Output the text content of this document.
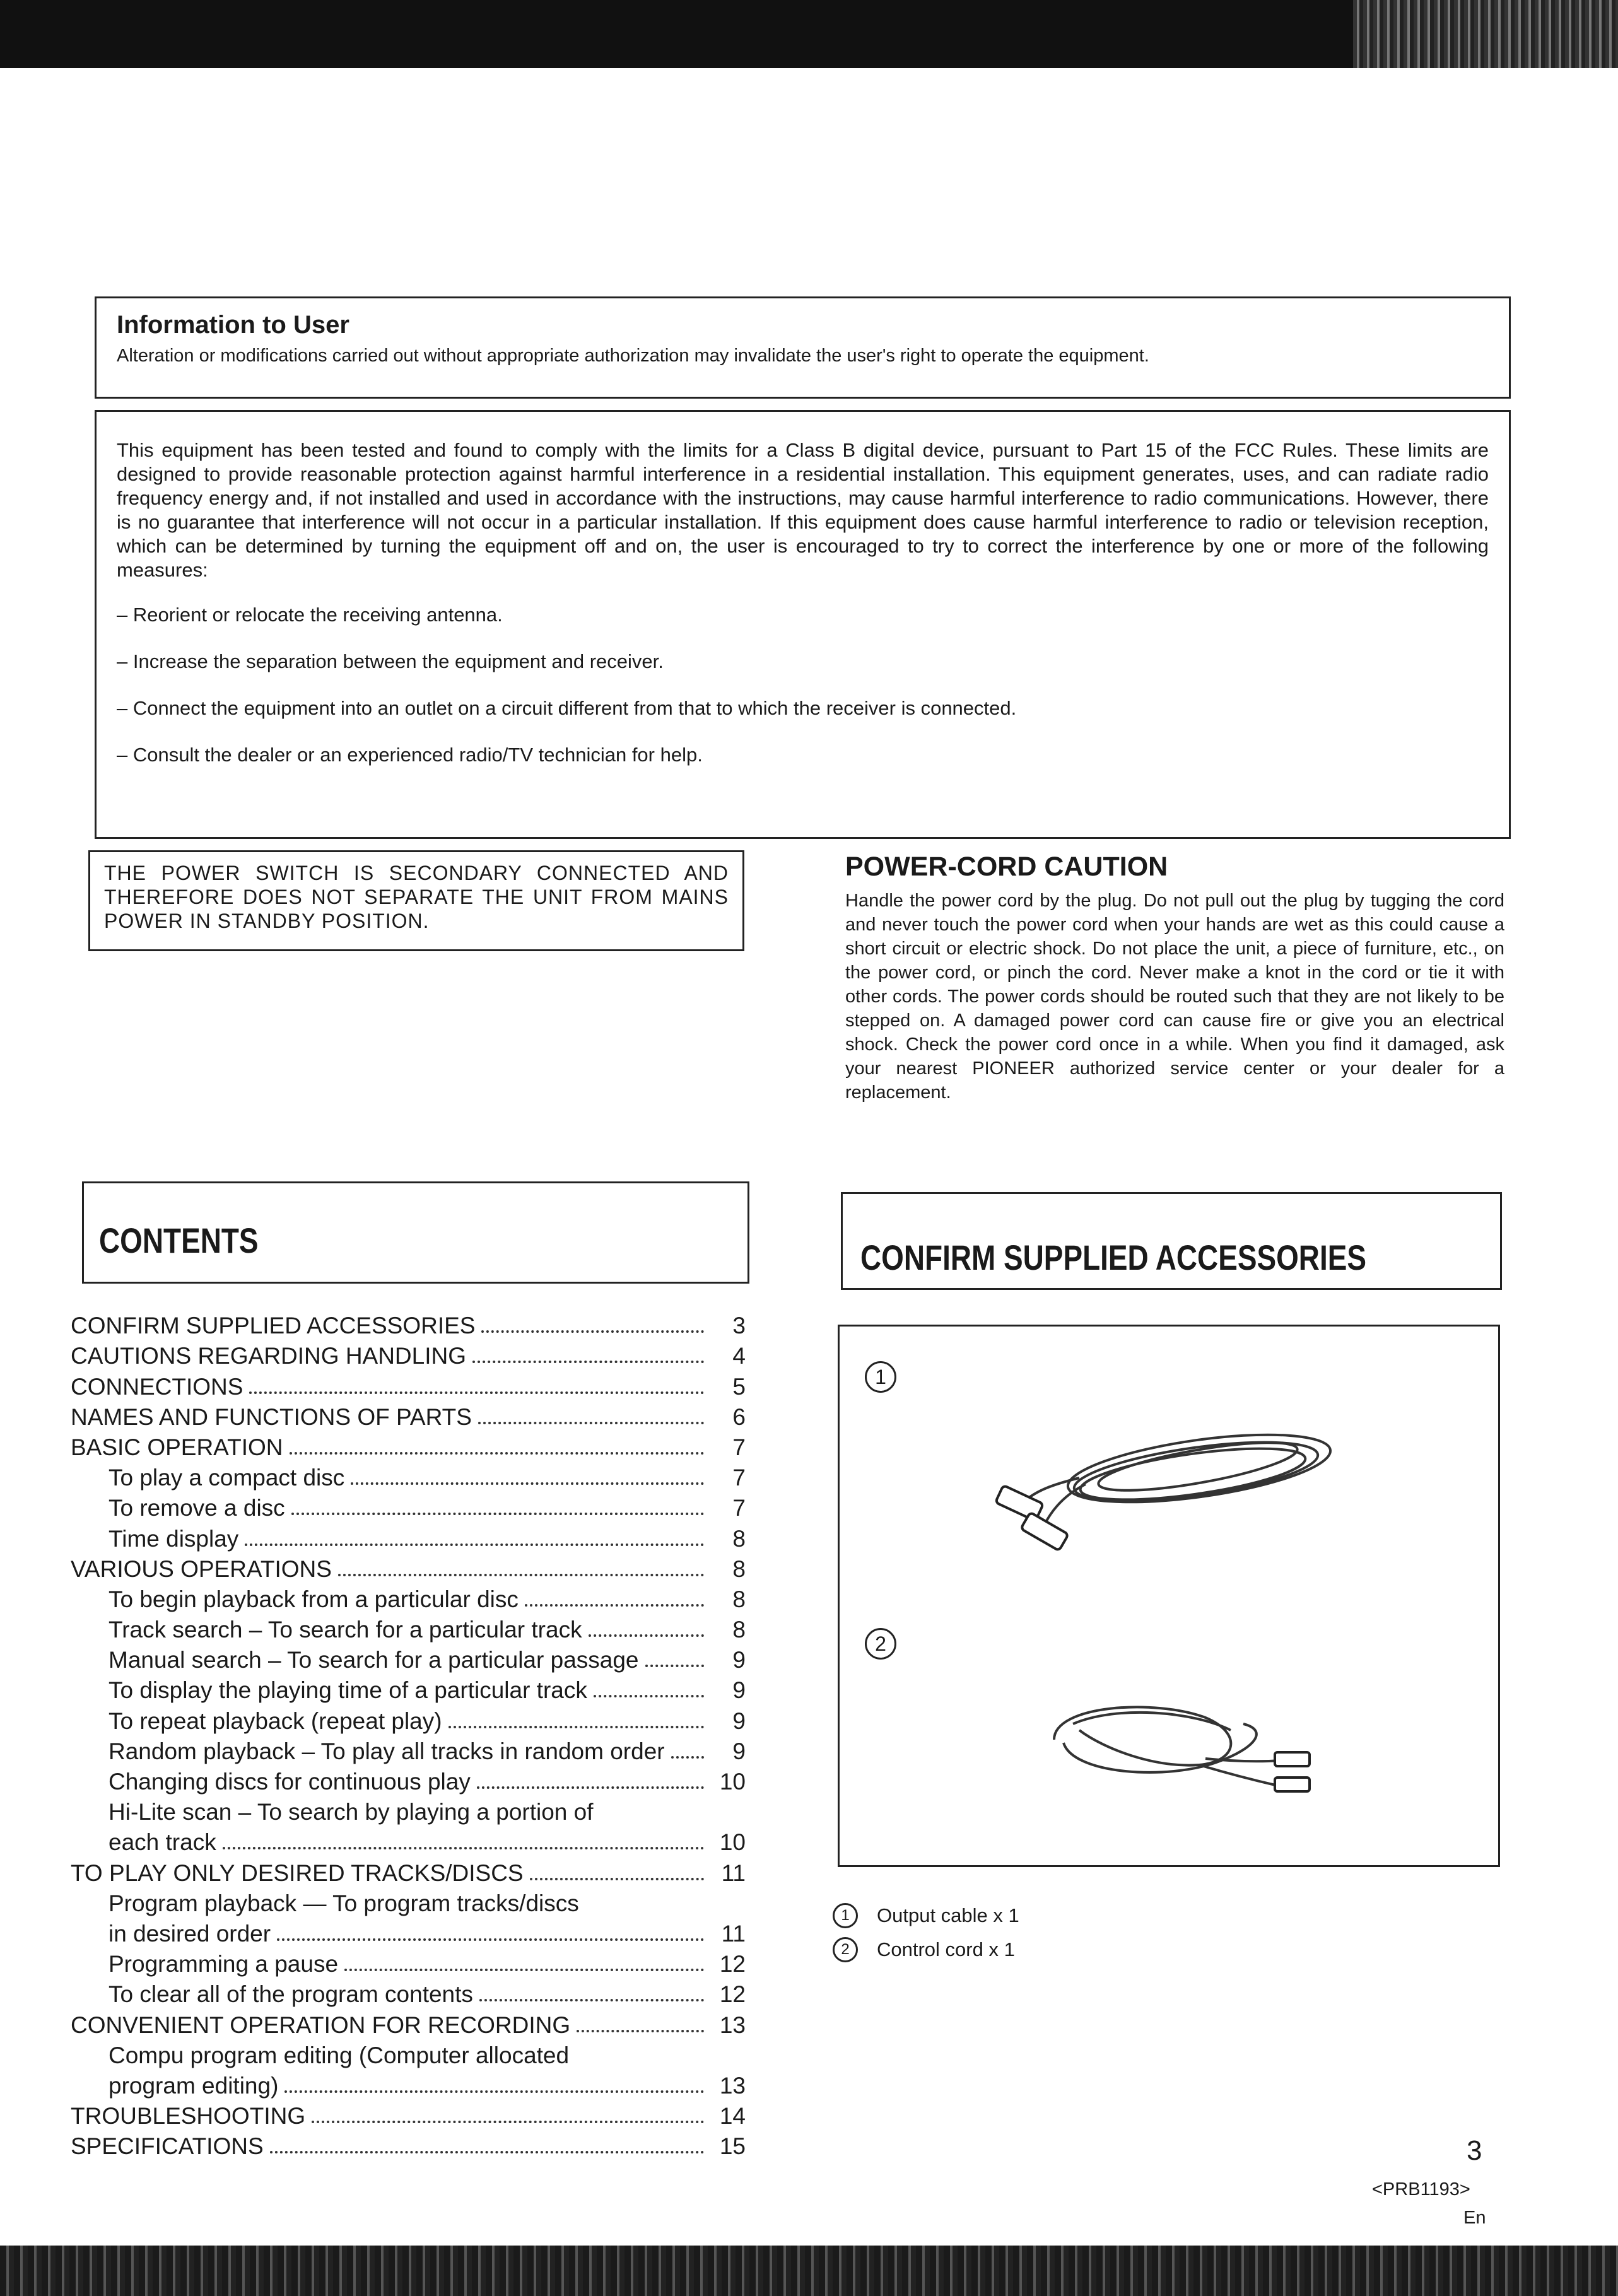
Information to User
Alteration or modifications carried out without appropriate authorization may invalidate the user's right to operate the equipment.
This equipment has been tested and found to comply with the limits for a Class B digital device, pursuant to Part 15 of the FCC Rules. These limits are designed to provide reasonable protection against harmful interference in a residential installation. This equipment generates, uses, and can radiate radio frequency energy and, if not installed and used in accordance with the instructions, may cause harmful interference to radio communications. However, there is no guarantee that interference will not occur in a particular installation. If this equipment does cause harmful interference to radio or television reception, which can be determined by turning the equipment off and on, the user is encouraged to try to correct the interference by one or more of the following measures:
– Reorient or relocate the receiving antenna.
– Increase the separation between the equipment and receiver.
– Connect the equipment into an outlet on a circuit different from that to which the receiver is connected.
– Consult the dealer or an experienced radio/TV technician for help.
THE POWER SWITCH IS SECONDARY CONNECTED AND THEREFORE DOES NOT SEPARATE THE UNIT FROM MAINS POWER IN STANDBY POSITION.
POWER-CORD CAUTION
Handle the power cord by the plug. Do not pull out the plug by tugging the cord and never touch the power cord when your hands are wet as this could cause a short circuit or electric shock. Do not place the unit, a piece of furniture, etc., on the power cord, or pinch the cord. Never make a knot in the cord or tie it with other cords. The power cords should be routed such that they are not likely to be stepped on. A damaged power cord can cause fire or give you an electrical shock. Check the power cord once in a while. When you find it damaged, ask your nearest PIONEER authorized service center or your dealer for a replacement.
CONTENTS	CONFIRM SUPPLIED ACCESSORIES
CONFIRM SUPPLIED ACCESSORIES	3
CAUTIONS REGARDING HANDLING	4
CONNECTIONS	5
NAMES AND FUNCTIONS OF PARTS	6
BASIC OPERATION	7
To play a compact disc	7
To remove a disc	7
Time display	8
VARIOUS OPERATIONS	8
To begin playback from a particular disc	8
Track search – To search for a particular track	8
Manual search – To search for a particular passage	9
To display the playing time of a particular track	9
To repeat playback (repeat play)	9
Random playback – To play all tracks in random order	9
Changing discs for continuous play	10
Hi-Lite scan – To search by playing a portion of
each track	10
TO PLAY ONLY DESIRED TRACKS/DISCS	11
Program playback — To program tracks/discs
in desired order	11
Programming a pause	12
To clear all of the program contents	12
CONVENIENT OPERATION FOR RECORDING	13
Compu program editing (Computer allocated
program editing)	13
TROUBLESHOOTING	14
SPECIFICATIONS	15
1
2
1	Output cable x 1
2	Control cord x 1
3
<PRB1193>
En
